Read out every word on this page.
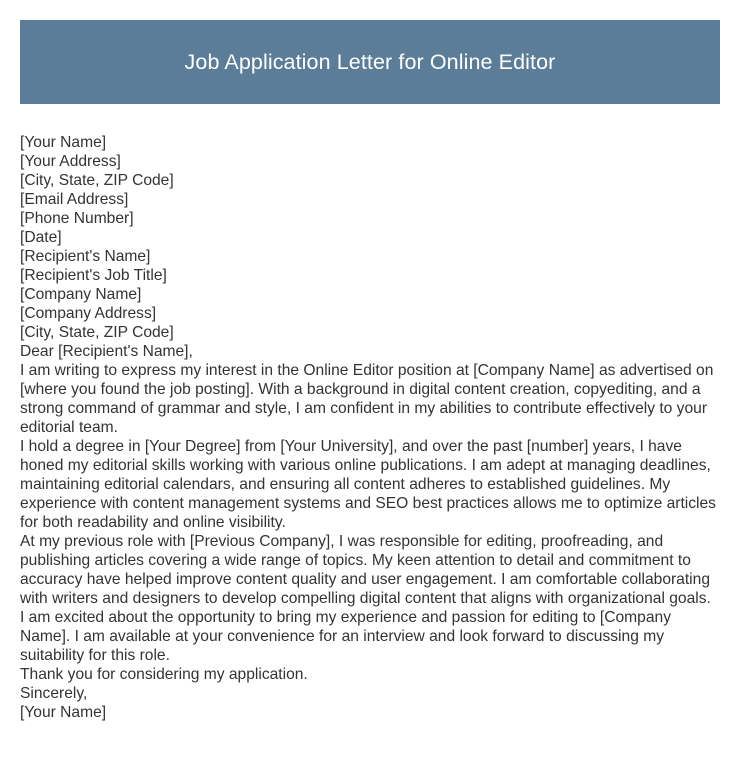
Job Application Letter for Online Editor

[Your Name]

[Your Address]

[City, State, ZIP Code]

[Email Address]

[Phone Number]

[Date]

[Recipient's Name]

[Recipient's Job Title]

[Company Name]

[Company Address]

[City, State, ZIP Code]

Dear [Recipient's Name],

I am writing to express my interest in the Online Editor position at [Company Name] as advertised on [where you found the job posting]. With a background in digital content creation, copyediting, and a strong command of grammar and style, I am confident in my abilities to contribute effectively to your editorial team.

I hold a degree in [Your Degree] from [Your University], and over the past [number] years, I have honed my editorial skills working with various online publications. I am adept at managing deadlines, maintaining editorial calendars, and ensuring all content adheres to established guidelines. My experience with content management systems and SEO best practices allows me to optimize articles for both readability and online visibility.

At my previous role with [Previous Company], I was responsible for editing, proofreading, and publishing articles covering a wide range of topics. My keen attention to detail and commitment to accuracy have helped improve content quality and user engagement. I am comfortable collaborating with writers and designers to develop compelling digital content that aligns with organizational goals.

I am excited about the opportunity to bring my experience and passion for editing to [Company Name]. I am available at your convenience for an interview and look forward to discussing my suitability for this role.

Thank you for considering my application.

Sincerely,

[Your Name]
